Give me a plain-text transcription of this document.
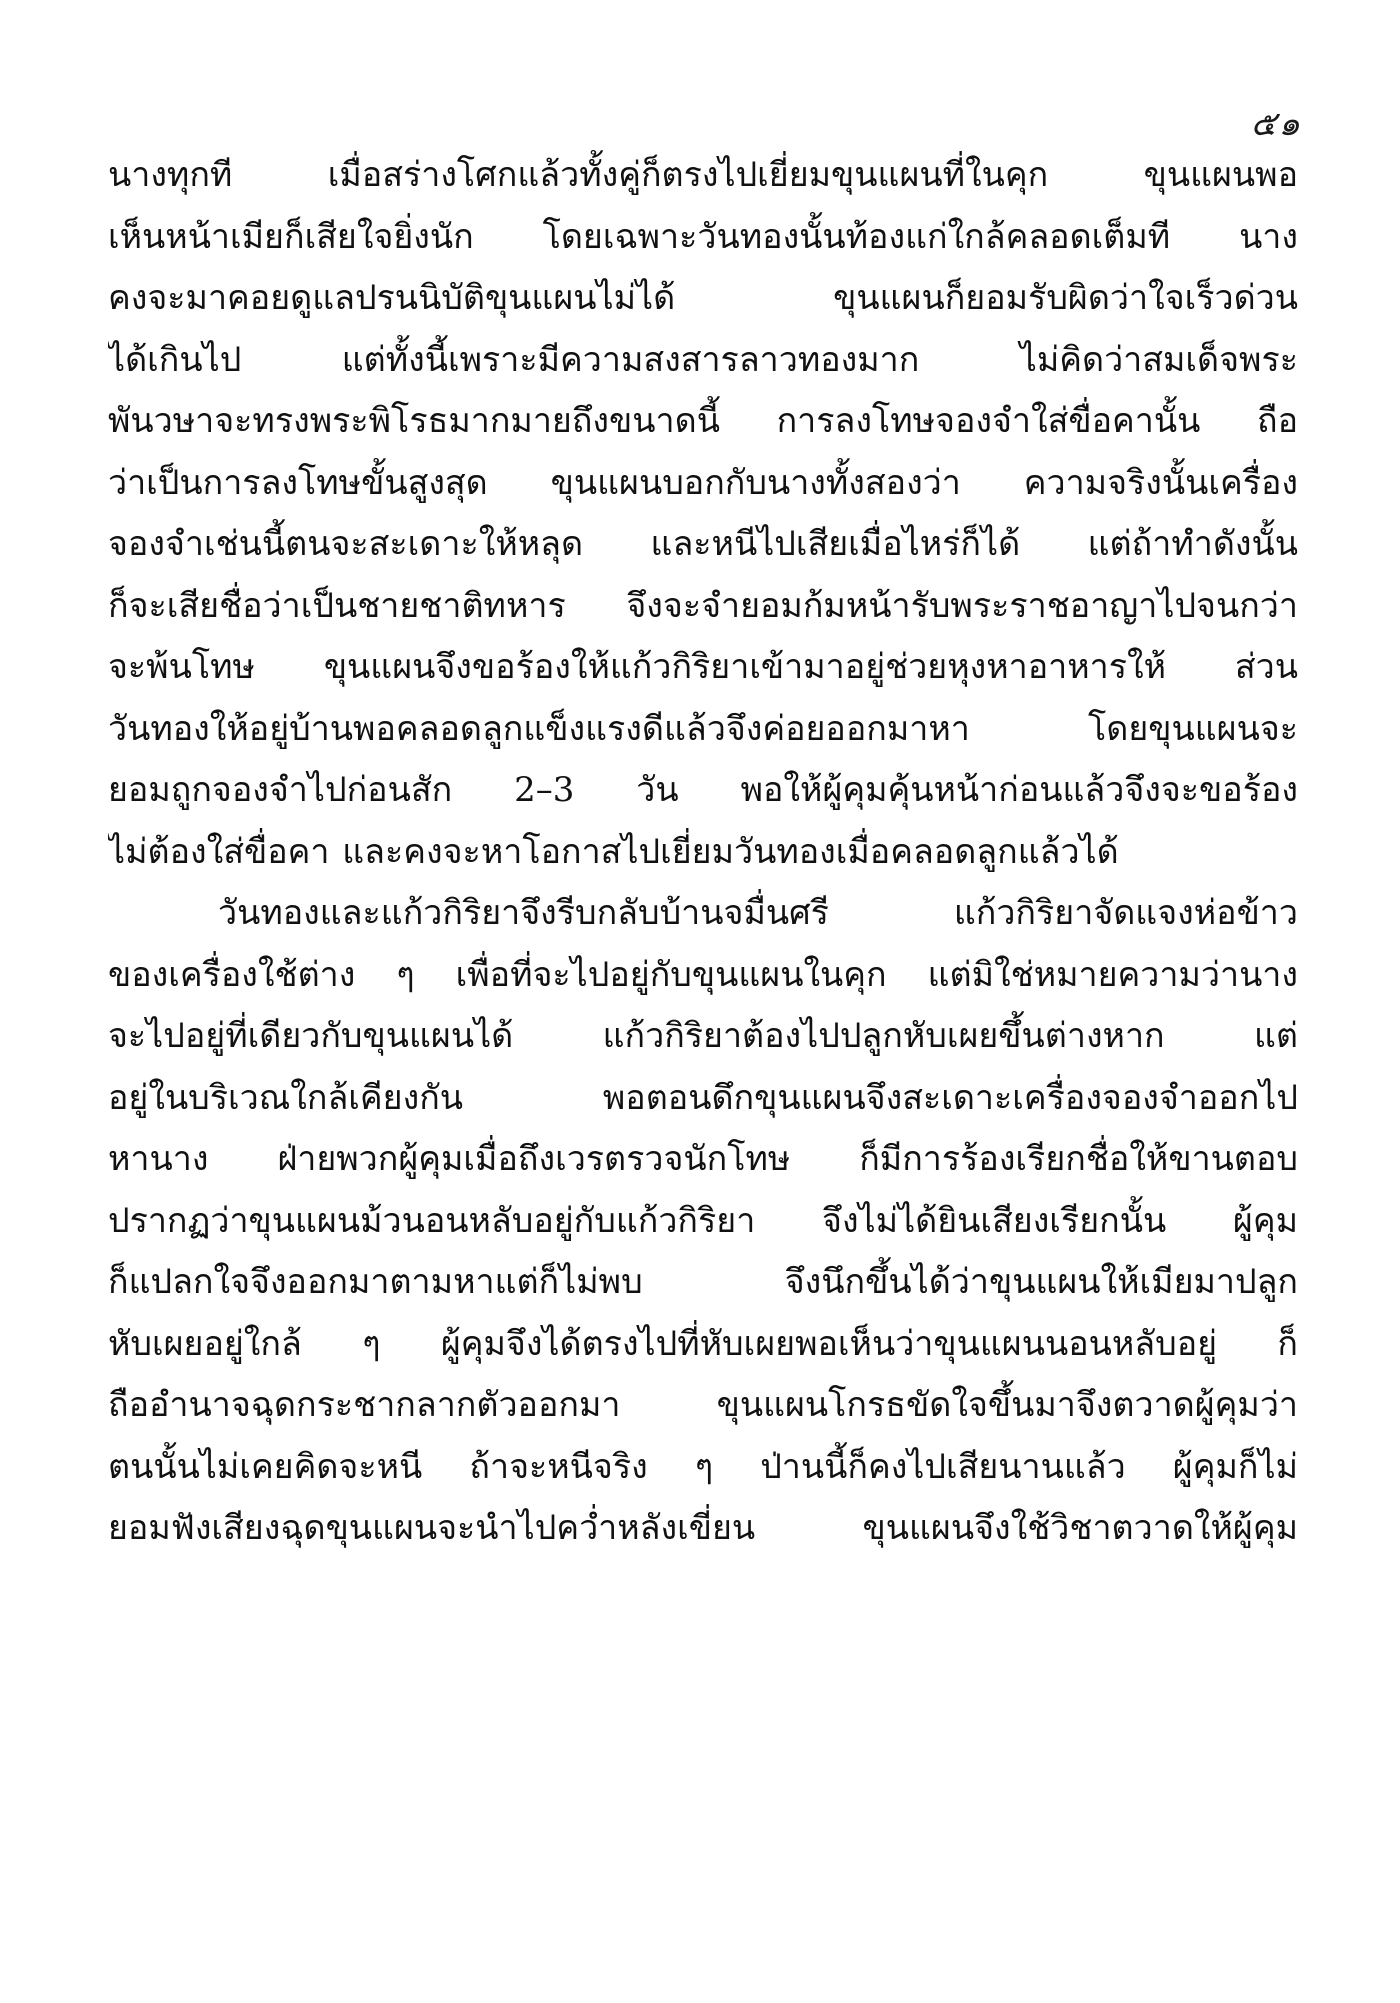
๕๑
นางทุกที เมื่อสร่างโศกแล้วทั้งคู่ก็ตรงไปเยี่ยมขุนแผนที่ในคุก ขุนแผนพอ
เห็นหน้าเมียก็เสียใจยิ่งนัก โดยเฉพาะวันทองนั้นท้องแก่ใกล้คลอดเต็มที นาง
คงจะมาคอยดูแลปรนนิบัติขุนแผนไม่ได้ ขุนแผนก็ยอมรับผิดว่าใจเร็วด่วน
ได้เกินไป แต่ทั้งนี้เพราะมีความสงสารลาวทองมาก ไม่คิดว่าสมเด็จพระ
พันวษาจะทรงพระพิโรธมากมายถึงขนาดนี้ การลงโทษจองจำใส่ขื่อคานั้น ถือ
ว่าเป็นการลงโทษขั้นสูงสุด ขุนแผนบอกกับนางทั้งสองว่า ความจริงนั้นเครื่อง
จองจำเช่นนี้ตนจะสะเดาะให้หลุด และหนีไปเสียเมื่อไหร่ก็ได้ แต่ถ้าทำดังนั้น
ก็จะเสียชื่อว่าเป็นชายชาติทหาร จึงจะจำยอมก้มหน้ารับพระราชอาญาไปจนกว่า
จะพ้นโทษ ขุนแผนจึงขอร้องให้แก้วกิริยาเข้ามาอยู่ช่วยหุงหาอาหารให้ ส่วน
วันทองให้อยู่บ้านพอคลอดลูกแข็งแรงดีแล้วจึงค่อยออกมาหา โดยขุนแผนจะ
ยอมถูกจองจำไปก่อนสัก 2–3 วัน พอให้ผู้คุมคุ้นหน้าก่อนแล้วจึงจะขอร้อง
ไม่ต้องใส่ขื่อคา และคงจะหาโอกาสไปเยี่ยมวันทองเมื่อคลอดลูกแล้วได้
วันทองและแก้วกิริยาจึงรีบกลับบ้านจมื่นศรี แก้วกิริยาจัดแจงห่อข้าว
ของเครื่องใช้ต่าง ๆ เพื่อที่จะไปอยู่กับขุนแผนในคุก แต่มิใช่หมายความว่านาง
จะไปอยู่ที่เดียวกับขุนแผนได้ แก้วกิริยาต้องไปปลูกหับเผยขึ้นต่างหาก แต่
อยู่ในบริเวณใกล้เคียงกัน พอตอนดึกขุนแผนจึงสะเดาะเครื่องจองจำออกไป
หานาง ฝ่ายพวกผู้คุมเมื่อถึงเวรตรวจนักโทษ ก็มีการร้องเรียกชื่อให้ขานตอบ
ปรากฏว่าขุนแผนม้วนอนหลับอยู่กับแก้วกิริยา จึงไม่ได้ยินเสียงเรียกนั้น ผู้คุม
ก็แปลกใจจึงออกมาตามหาแต่ก็ไม่พบ จึงนึกขึ้นได้ว่าขุนแผนให้เมียมาปลูก
หับเผยอยู่ใกล้ ๆ ผู้คุมจึงได้ตรงไปที่หับเผยพอเห็นว่าขุนแผนนอนหลับอยู่ ก็
ถืออำนาจฉุดกระชากลากตัวออกมา ขุนแผนโกรธขัดใจขึ้นมาจึงตวาดผู้คุมว่า
ตนนั้นไม่เคยคิดจะหนี ถ้าจะหนีจริง ๆ ป่านนี้ก็คงไปเสียนานแล้ว ผู้คุมก็ไม่
ยอมฟังเสียงฉุดขุนแผนจะนำไปคว่ำหลังเขี่ยน ขุนแผนจึงใช้วิชาตวาดให้ผู้คุม
